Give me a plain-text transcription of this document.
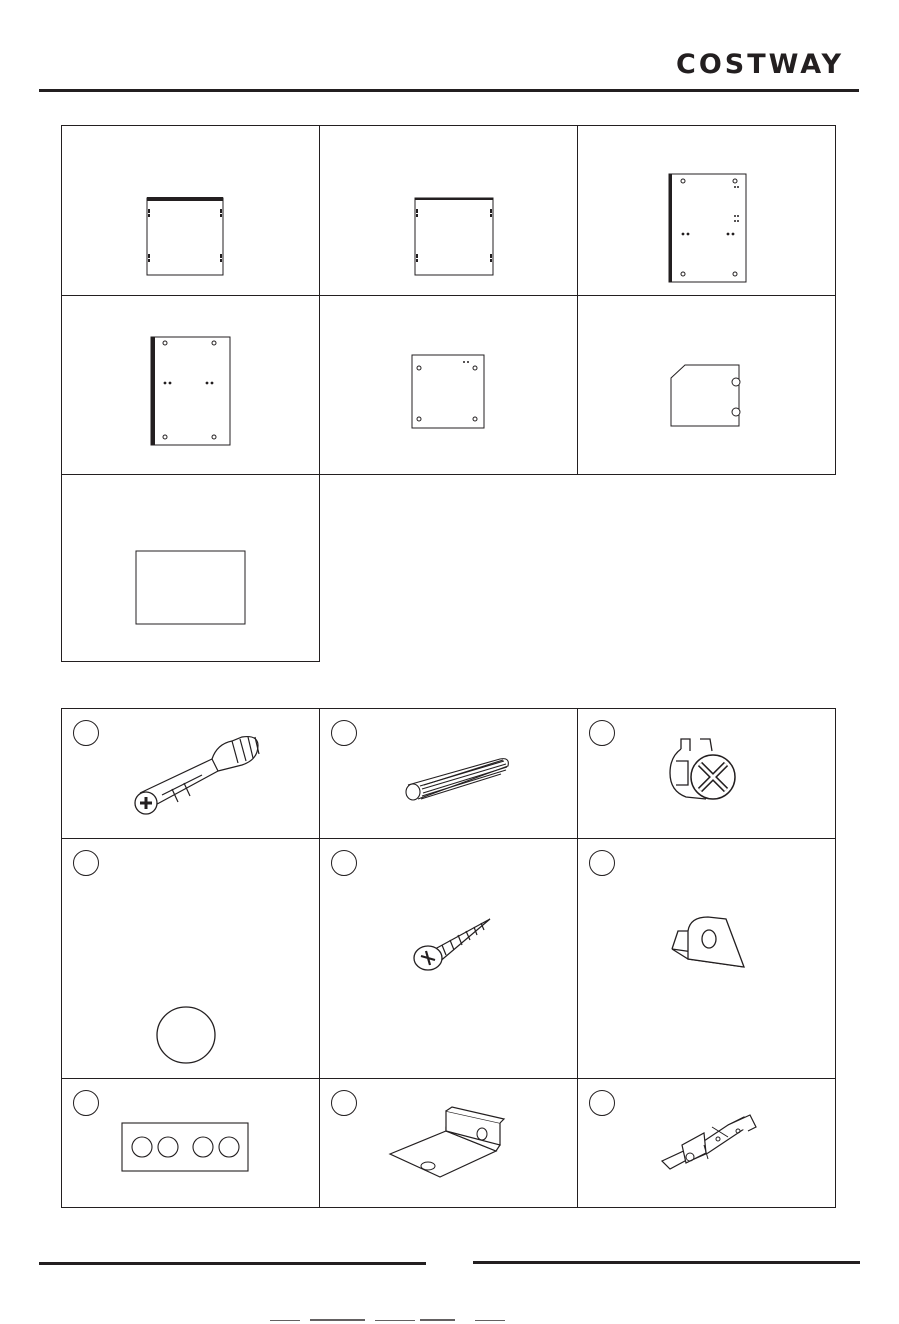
COSTWAY
